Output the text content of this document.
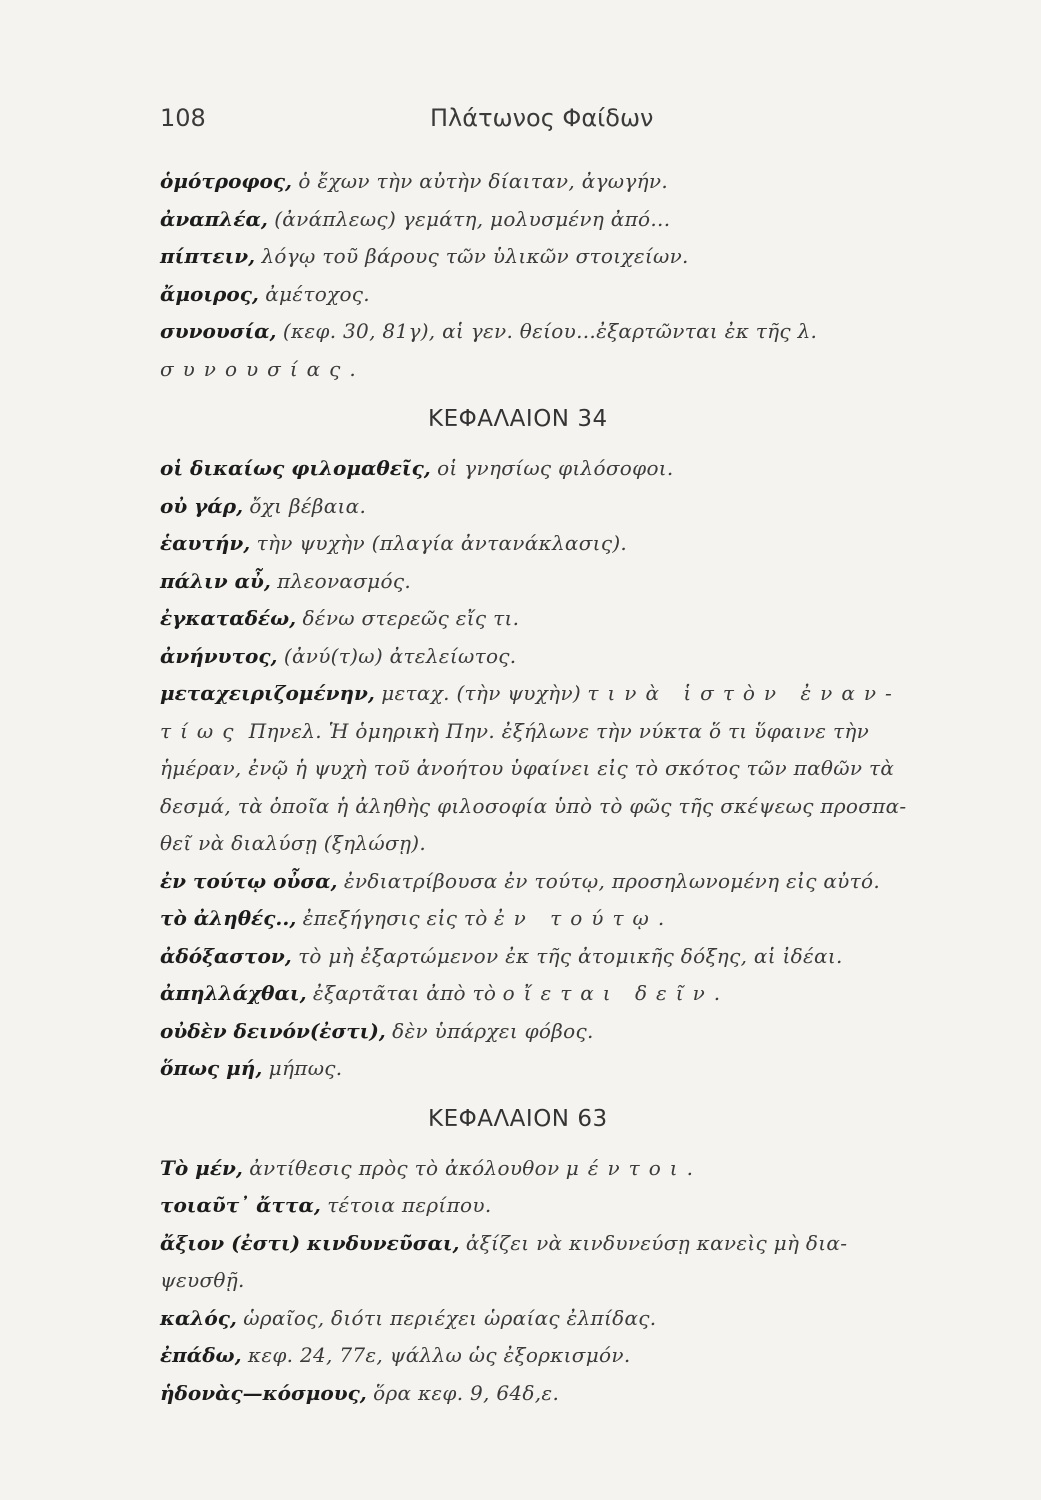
108	Πλάτωνος Φαίδων
ὁμότροφος, ὁ ἔχων τὴν αὐτὴν δίαιταν, ἀγωγήν.
ἀναπλέα, (ἀνάπλεως) γεμάτη, μολυσμένη ἀπό...
πίπτειν, λόγῳ τοῦ βάρους τῶν ὑλικῶν στοιχείων.
ἄμοιρος, ἀμέτοχος.
συνουσία, (κεφ. 30, 81γ), αἱ γεν. θείου...ἐξαρτῶνται ἐκ τῆς λ.
συνουσίας.
ΚΕΦΑΛΑΙΟΝ 34
οἱ δικαίως φιλομαθεῖς, οἱ γνησίως φιλόσοφοι.
οὐ γάρ, ὄχι βέβαια.
ἑαυτήν, τὴν ψυχὴν (πλαγία ἀντανάκλασις).
πάλιν αὖ, πλεονασμός.
ἐγκαταδέω, δένω στερεῶς εἴς τι.
ἀνήνυτος, (ἀνύ(τ)ω) ἀτελείωτος.
μεταχειριζομένην, μεταχ. (τὴν ψυχὴν) τινὰ ἱστὸν ἐναν-
τίως Πηνελ. Ἡ ὁμηρικὴ Πην. ἐξήλωνε τὴν νύκτα ὅ τι ὕφαινε τὴν
ἡμέραν, ἐνῷ ἡ ψυχὴ τοῦ ἀνοήτου ὑφαίνει εἰς τὸ σκότος τῶν παθῶν τὰ
δεσμά, τὰ ὁποῖα ἡ ἀληθὴς φιλοσοφία ὑπὸ τὸ φῶς τῆς σκέψεως προσπα-
θεῖ νὰ διαλύσῃ (ξηλώσῃ).
ἐν τούτῳ οὖσα, ἐνδιατρίβουσα ἐν τούτῳ, προσηλωνομένη εἰς αὐτό.
τὸ ἀληθές.., ἐπεξήγησις εἰς τὸ ἐν τούτῳ.
ἀδόξαστον, τὸ μὴ ἐξαρτώμενον ἐκ τῆς ἀτομικῆς δόξης, αἱ ἰδέαι.
ἀπηλλάχθαι, ἐξαρτᾶται ἀπὸ τὸ οἴεται δεῖν.
οὐδὲν δεινόν(ἐστι), δὲν ὑπάρχει φόβος.
ὅπως μή, μήπως.
ΚΕΦΑΛΑΙΟΝ 63
Τὸ μέν, ἀντίθεσις πρὸς τὸ ἀκόλουθον μέντοι.
τοιαῦτ᾿ ἄττα, τέτοια περίπου.
ἄξιον (ἐστι) κινδυνεῦσαι, ἀξίζει νὰ κινδυνεύσῃ κανεὶς μὴ δια-
ψευσθῇ.
καλός, ὡραῖος, διότι περιέχει ὡραίας ἐλπίδας.
ἐπάδω, κεφ. 24, 77ε, ψάλλω ὡς ἐξορκισμόν.
ἡδονὰς—κόσμους, ὅρα κεφ. 9, 64δ,ε.
